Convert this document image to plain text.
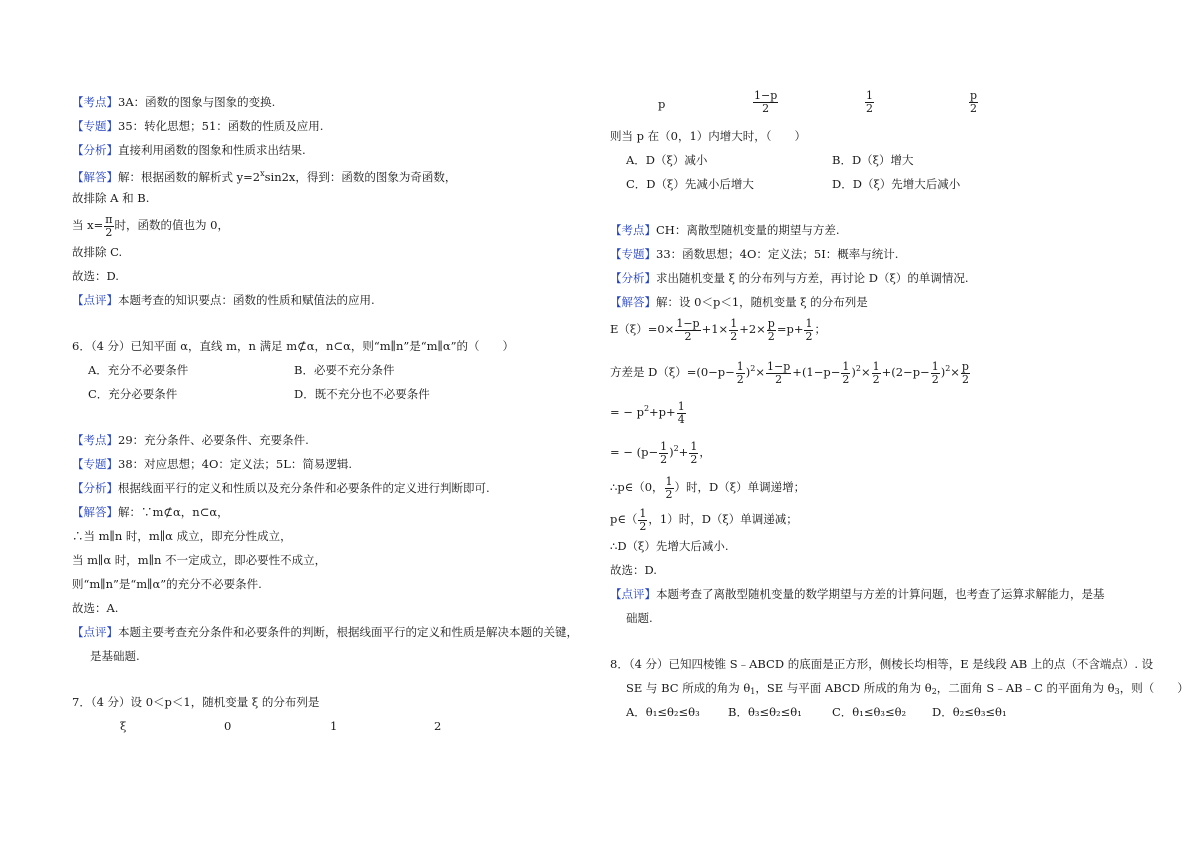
【考点】3A：函数的图象与图象的变换.
【专题】35：转化思想；51：函数的性质及应用.
【分析】直接利用函数的图象和性质求出结果.
【解答】解：根据函数的解析式 $y=2^x\sin 2x$，得到：函数的图象为奇函数，
故排除 A 和 B.
当 $x= \frac{\pi}{2}$ 时，函数的值也为 0，
故排除 C.
故选：D.
【点评】本题考查的知识要点：函数的性质和赋值法的应用.
6．（4 分）已知平面 α，直线 m，n 满足 m⊄α，n⊂α，则“m∥n”是“m∥α”的（　　）
A．充分不必要条件	B．必要不充分条件
C．充分必要条件	D．既不充分也不必要条件
【考点】29：充分条件、必要条件、充要条件.
【专题】38：对应思想；4O：定义法；5L：简易逻辑.
【分析】根据线面平行的定义和性质以及充分条件和必要条件的定义进行判断即可.
【解答】解：∵m⊄α，n⊂α，
∴当 m∥n 时，m∥α 成立，即充分性成立，
当 m∥α 时，m∥n 不一定成立，即必要性不成立，
则“m∥n”是“m∥α”的充分不必要条件.
故选：A.
【点评】本题主要考查充分条件和必要条件的判断，根据线面平行的定义和性质是解决本题的关键，
是基础题.
7．（4 分）设 0＜p＜1，随机变量 ξ 的分布列是
ξ	0	1	2
p	$\frac{1-p}{2}$	$\frac{1}{2}$	$\frac{p}{2}$
则当 p 在（0，1）内增大时，（　　）
A．D（ξ）减小	B．D（ξ）增大
C．D（ξ）先减小后增大	D．D（ξ）先增大后减小
【考点】CH：离散型随机变量的期望与方差.
【专题】33：函数思想；4O：定义法；5I：概率与统计.
【分析】求出随机变量 ξ 的分布列与方差，再讨论 D（ξ）的单调情况.
【解答】解：设 0＜p＜1，随机变量 ξ 的分布列是
$E(\xi)=0\times \frac{1-p}{2} +1\times \frac{1}{2} +2\times \frac{p}{2} =p+ \frac{1}{2}$ ；
方差是 $D(\xi)=(0-p- \frac{1}{2} )^2\times \frac{1-p}{2} +(1-p- \frac{1}{2} )^2\times \frac{1}{2} +(2-p- \frac{1}{2} )^2\times \frac{p}{2}$
= − $p^2+p+ \frac{1}{4}$
= − $(p- \frac{1}{2} )^2+ \frac{1}{2}$ ，
∴p∈（0， $\frac{1}{2}$ ）时，D（ξ）单调递增；
p∈（ $\frac{1}{2}$ ，1）时，D（ξ）单调递减；
∴D（ξ）先增大后减小.
故选：D.
【点评】本题考查了离散型随机变量的数学期望与方差的计算问题，也考查了运算求解能力，是基
础题.
8．（4 分）已知四棱锥 S﹣ABCD 的底面是正方形，侧棱长均相等，E 是线段 AB 上的点（不含端点）. 设
SE 与 BC 所成的角为 $\theta_1$，SE 与平面 ABCD 所成的角为 $\theta_2$，二面角 S﹣AB﹣C 的平面角为 $\theta_3$，则（　　）
A．θ₁≤θ₂≤θ₃ B．θ₃≤θ₂≤θ₁	C．θ₁≤θ₃≤θ₂ D．θ₂≤θ₃≤θ₁
